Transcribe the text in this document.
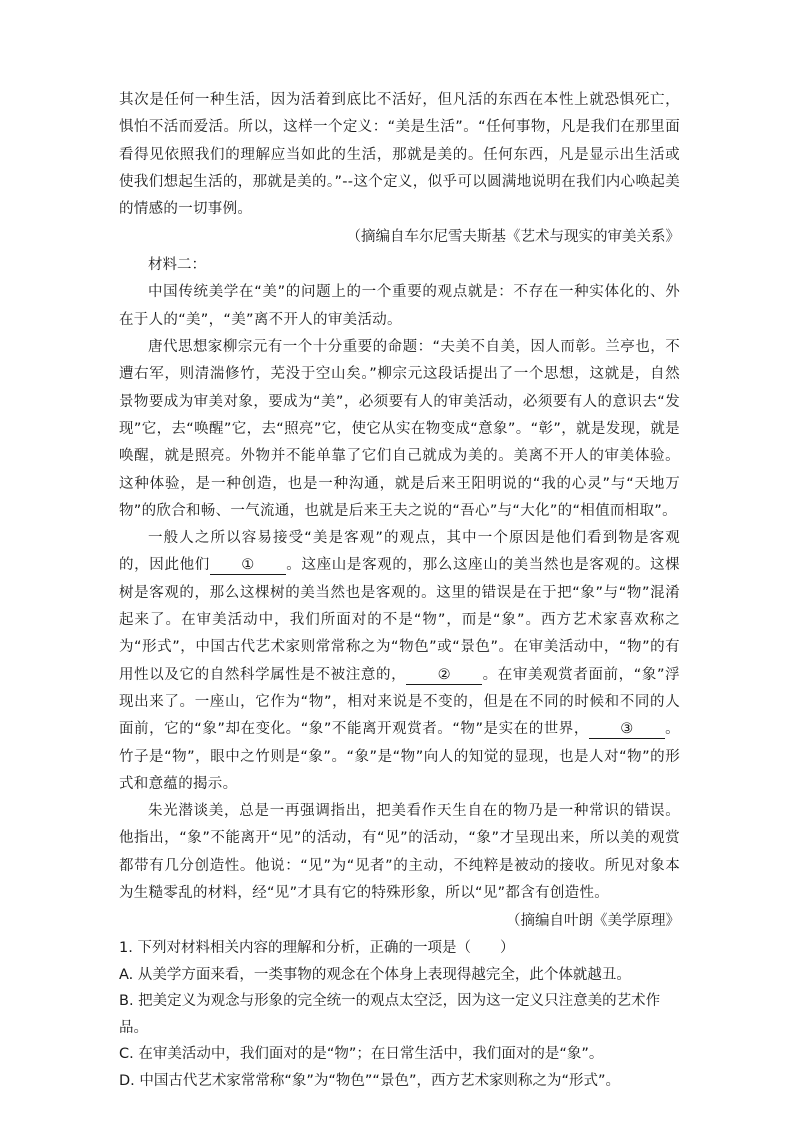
其次是任何一种生活，因为活着到底比不活好，但凡活的东西在本性上就恐惧死亡，惧怕不活而爱活。所以，这样一个定义：“美是生活”。“任何事物，凡是我们在那里面看得见依照我们的理解应当如此的生活，那就是美的。任何东西，凡是显示出生活或使我们想起生活的，那就是美的。”--这个定义，似乎可以圆满地说明在我们内心唤起美的情感的一切事例。

（摘编自车尔尼雪夫斯基《艺术与现实的审美关系》

材料二：

中国传统美学在“美”的问题上的一个重要的观点就是：不存在一种实体化的、外在于人的“美”，“美”离不开人的审美活动。

唐代思想家柳宗元有一个十分重要的命题：“夫美不自美，因人而彰。兰亭也，不遭右军，则清湍修竹，芜没于空山矣。”柳宗元这段话提出了一个思想，这就是，自然景物要成为审美对象，要成为“美”，必须要有人的审美活动，必须要有人的意识去“发现”它，去“唤醒”它，去“照亮”它，使它从实在物变成“意象”。“彰”，就是发现，就是唤醒，就是照亮。外物并不能单靠了它们自己就成为美的。美离不开人的审美体验。这种体验，是一种创造，也是一种沟通，就是后来王阳明说的“我的心灵”与“天地万物”的欣合和畅、一气流通，也就是后来王夫之说的“吾心”与“大化”的“相值而相取”。

一般人之所以容易接受“美是客观”的观点，其中一个原因是他们看到物是客观的，因此他们 ① 。这座山是客观的，那么这座山的美当然也是客观的。这棵树是客观的，那么这棵树的美当然也是客观的。这里的错误是在于把“象”与“物”混淆起来了。在审美活动中，我们所面对的不是“物”，而是“象”。西方艺术家喜欢称之为“形式”，中国古代艺术家则常常称之为“物色”或“景色”。在审美活动中，“物”的有用性以及它的自然科学属性是不被注意的， ② 。在审美观赏者面前，“象”浮现出来了。一座山，它作为“物”，相对来说是不变的，但是在不同的时候和不同的人面前，它的“象”却在变化。“象”不能离开观赏者。“物”是实在的世界， ③ 。竹子是“物”，眼中之竹则是“象”。“象”是“物”向人的知觉的显现，也是人对“物”的形式和意蕴的揭示。

朱光潜谈美，总是一再强调指出，把美看作天生自在的物乃是一种常识的错误。他指出，“象”不能离开“见”的活动，有“见”的活动，“象”才呈现出来，所以美的观赏都带有几分创造性。他说：“见”为“见者”的主动，不纯粹是被动的接收。所见对象本为生糙零乱的材料，经“见”才具有它的特殊形象，所以“见”都含有创造性。

（摘编自叶朗《美学原理》

1. 下列对材料相关内容的理解和分析，正确的一项是（　　）

A. 从美学方面来看，一类事物的观念在个体身上表现得越完全，此个体就越丑。

B. 把美定义为观念与形象的完全统一的观点太空泛，因为这一定义只注意美的艺术作品。

C. 在审美活动中，我们面对的是“物”；在日常生活中，我们面对的是“象”。

D. 中国古代艺术家常常称“象”为“物色”“景色”，西方艺术家则称之为“形式”。
